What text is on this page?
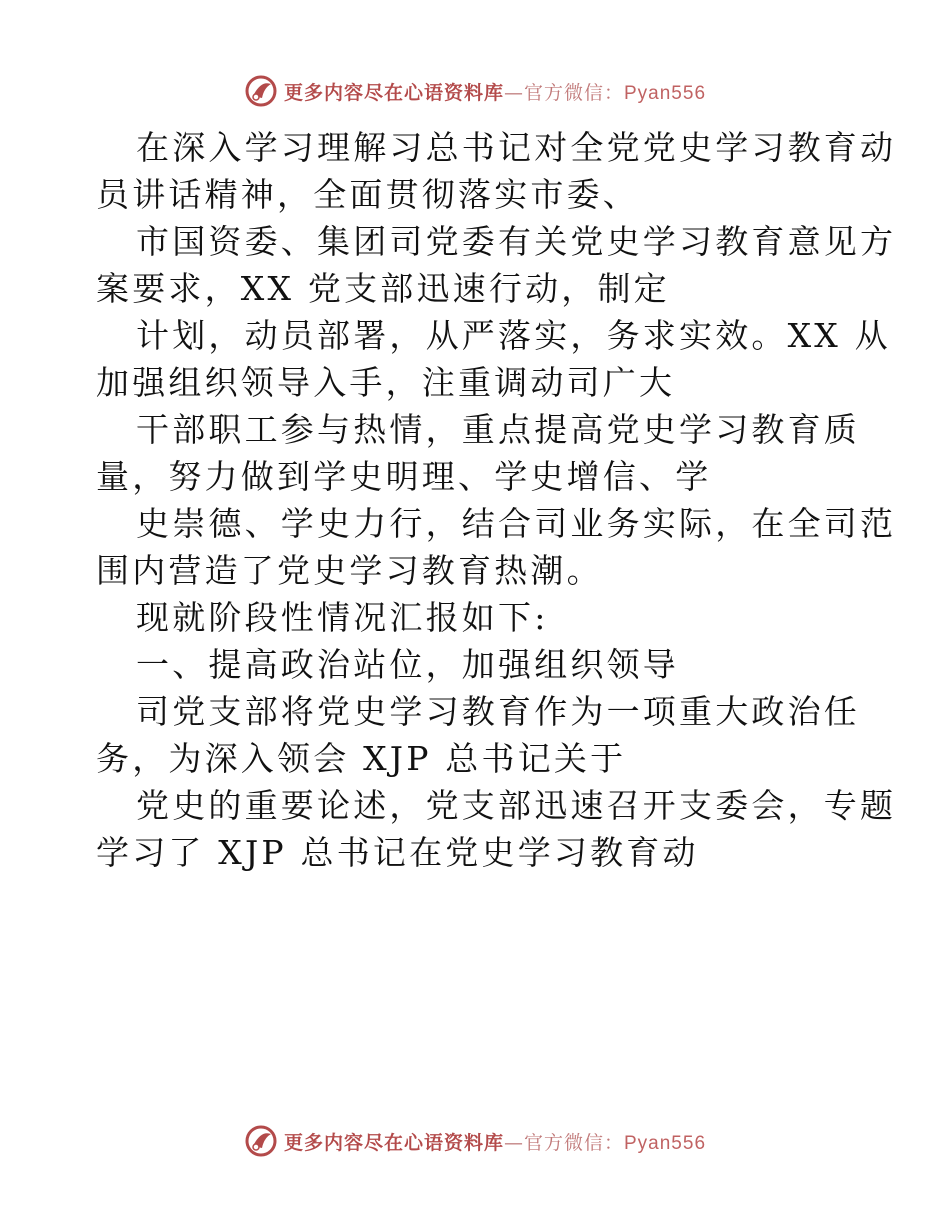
更多内容尽在心语资料库—官方微信：Pyan556
在深入学习理解习总书记对全党党史学习教育动
员讲话精神，全面贯彻落实市委、
市国资委、集团司党委有关党史学习教育意见方
案要求，XX 党支部迅速行动，制定
计划，动员部署，从严落实，务求实效。XX 从
加强组织领导入手，注重调动司广大
干部职工参与热情，重点提高党史学习教育质
量，努力做到学史明理、学史增信、学
史崇德、学史力行，结合司业务实际，在全司范
围内营造了党史学习教育热潮。
现就阶段性情况汇报如下:
一、提高政治站位，加强组织领导
司党支部将党史学习教育作为一项重大政治任
务，为深入领会 XJP 总书记关于
党史的重要论述，党支部迅速召开支委会，专题
学习了 XJP 总书记在党史学习教育动
更多内容尽在心语资料库—官方微信：Pyan556
